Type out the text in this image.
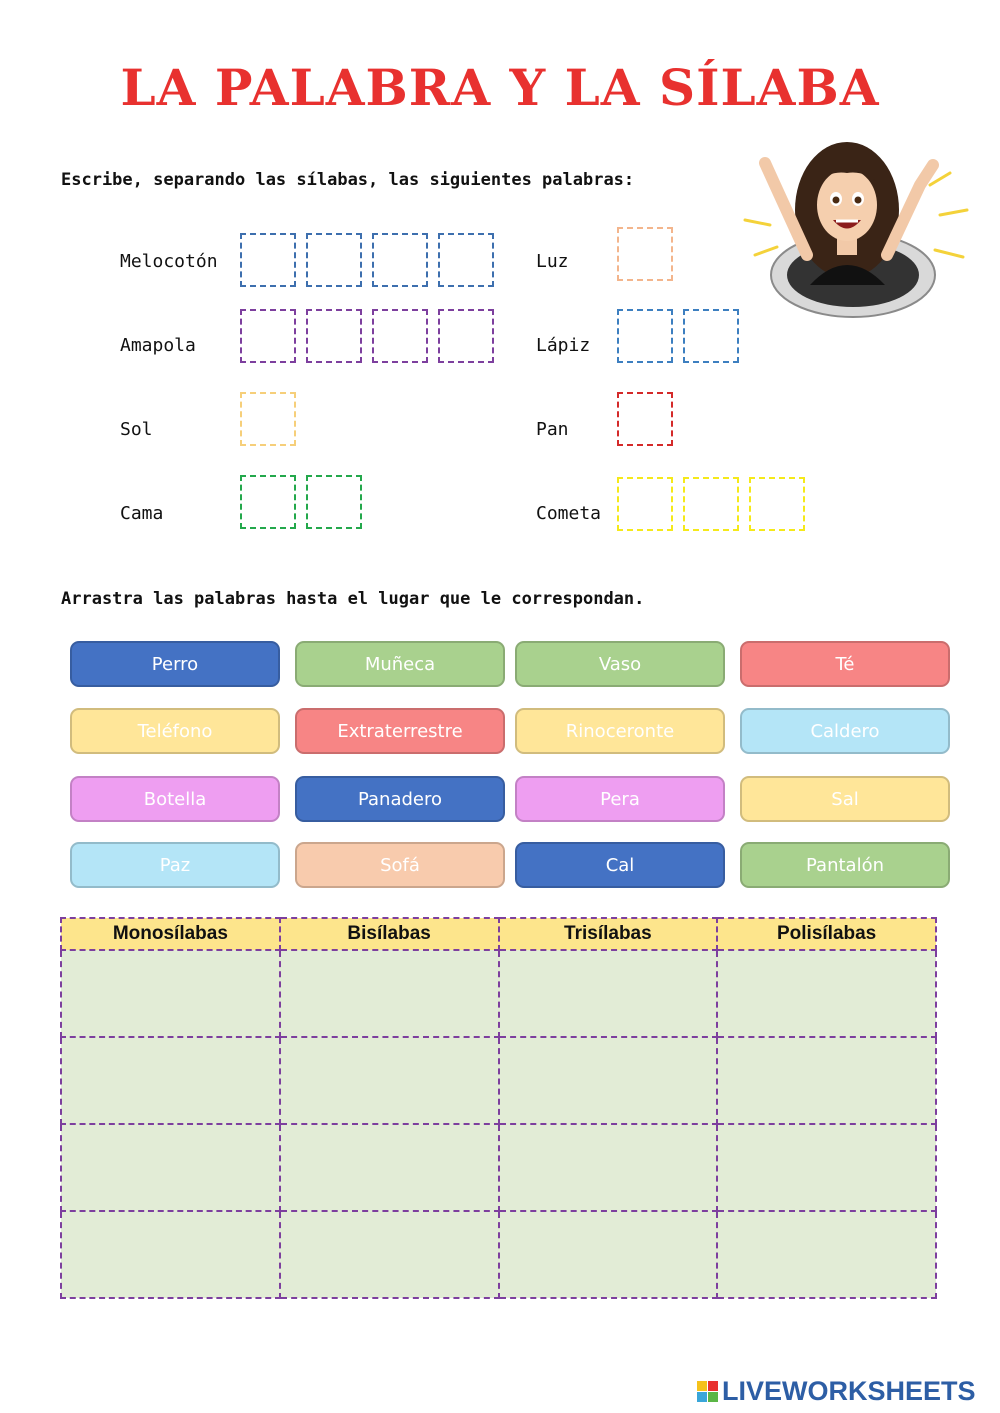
LA PALABRA Y LA SÍLABA

Escribe, separando las sílabas, las siguientes palabras:

Melocotón
Amapola
Sol
Cama
Luz
Lápiz
Pan
Cometa

Arrastra las palabras hasta el lugar que le correspondan.

Perro	Muñeca	Vaso	Té
Teléfono	Extraterrestre	Rinoceronte	Caldero
Botella	Panadero	Pera	Sal
Paz	Sofá	Cal	Pantalón
Monosílabas	Bisílabas	Trisílabas	Polisílabas

LIVEWORKSHEETS
